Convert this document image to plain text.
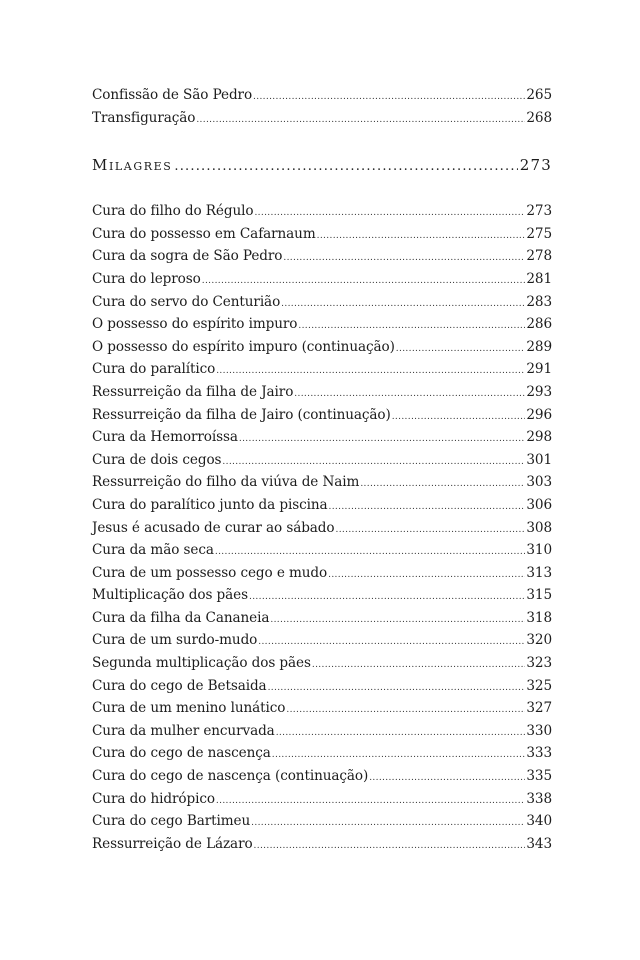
Confissão de São Pedro .....	265
Transfiguração .....	268
Milagres .....	273
Cura do filho do Régulo .....	273
Cura do possesso em Cafarnaum .....	275
Cura da sogra de São Pedro .....	278
Cura do leproso .....	281
Cura do servo do Centurião .....	283
O possesso do espírito impuro .....	286
O possesso do espírito impuro (continuação) .....	289
Cura do paralítico .....	291
Ressurreição da filha de Jairo .....	293
Ressurreição da filha de Jairo (continuação) .....	296
Cura da Hemorroíssa .....	298
Cura de dois cegos .....	301
Ressurreição do filho da viúva de Naim .....	303
Cura do paralítico junto da piscina .....	306
Jesus é acusado de curar ao sábado .....	308
Cura da mão seca .....	310
Cura de um possesso cego e mudo .....	313
Multiplicação dos pães .....	315
Cura da filha da Cananeia .....	318
Cura de um surdo-mudo .....	320
Segunda multiplicação dos pães .....	323
Cura do cego de Betsaida .....	325
Cura de um menino lunático .....	327
Cura da mulher encurvada .....	330
Cura do cego de nascença .....	333
Cura do cego de nascença (continuação) .....	335
Cura do hidrópico .....	338
Cura do cego Bartimeu .....	340
Ressurreição de Lázaro .....	343
